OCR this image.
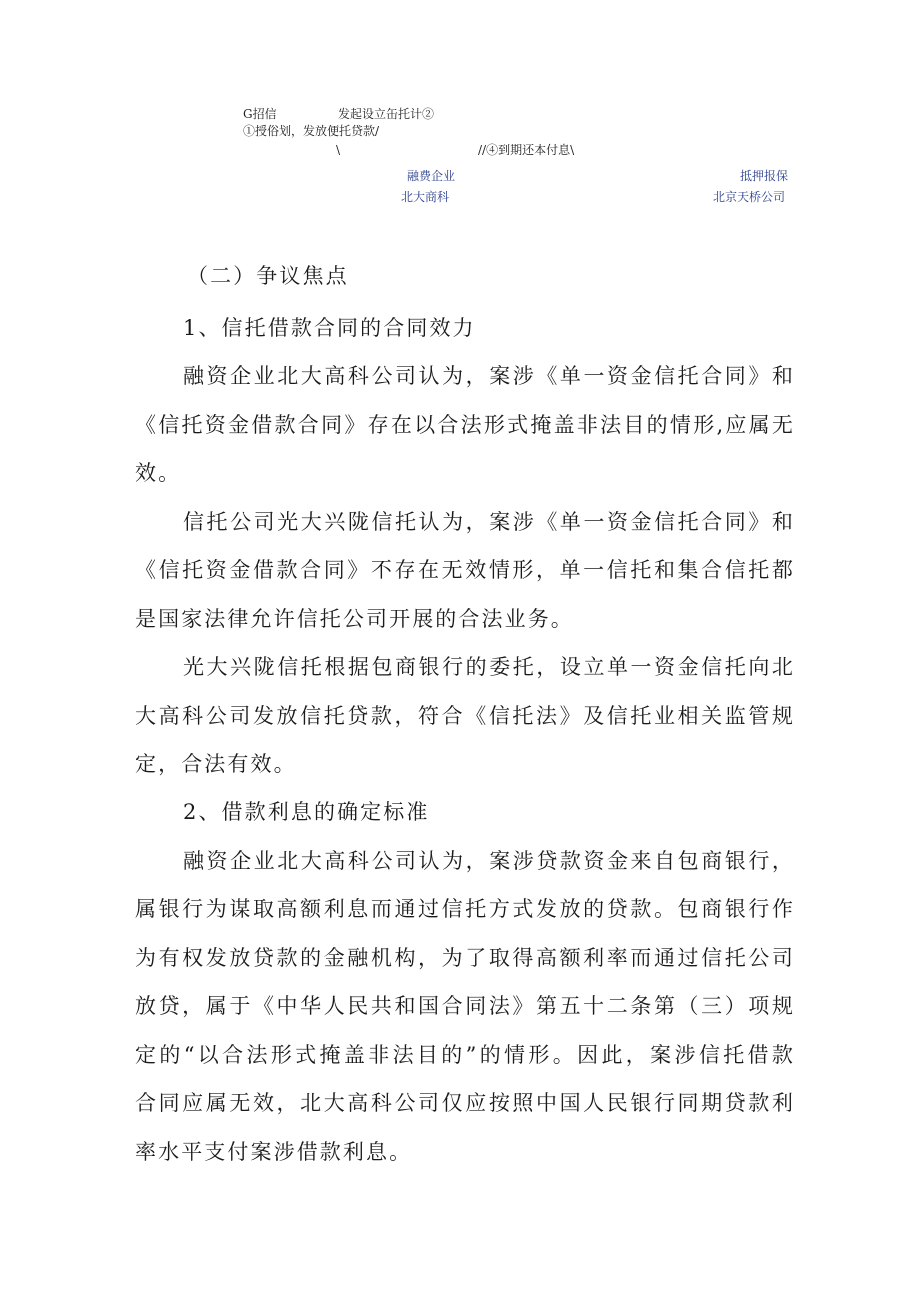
G招信	发起设立缶托计②
①授俗划，发放便托贷款/
\	//④到期还本付息\
融费企业
北大商科
抵押报保
北京天桥公司
（二）争议焦点
1、信托借款合同的合同效力
融资企业北大高科公司认为，案涉《单一资金信托合同》和
《信托资金借款合同》存在以合法形式掩盖非法目的情形,应属无
效。
信托公司光大兴陇信托认为，案涉《单一资金信托合同》和
《信托资金借款合同》不存在无效情形，单一信托和集合信托都
是国家法律允许信托公司开展的合法业务。
光大兴陇信托根据包商银行的委托，设立单一资金信托向北
大高科公司发放信托贷款，符合《信托法》及信托业相关监管规
定，合法有效。
2、借款利息的确定标准
融资企业北大高科公司认为，案涉贷款资金来自包商银行，
属银行为谋取高额利息而通过信托方式发放的贷款。包商银行作
为有权发放贷款的金融机构，为了取得高额利率而通过信托公司
放贷，属于《中华人民共和国合同法》第五十二条第（三）项规
定的“以合法形式掩盖非法目的”的情形。因此，案涉信托借款
合同应属无效，北大高科公司仅应按照中国人民银行同期贷款利
率水平支付案涉借款利息。
